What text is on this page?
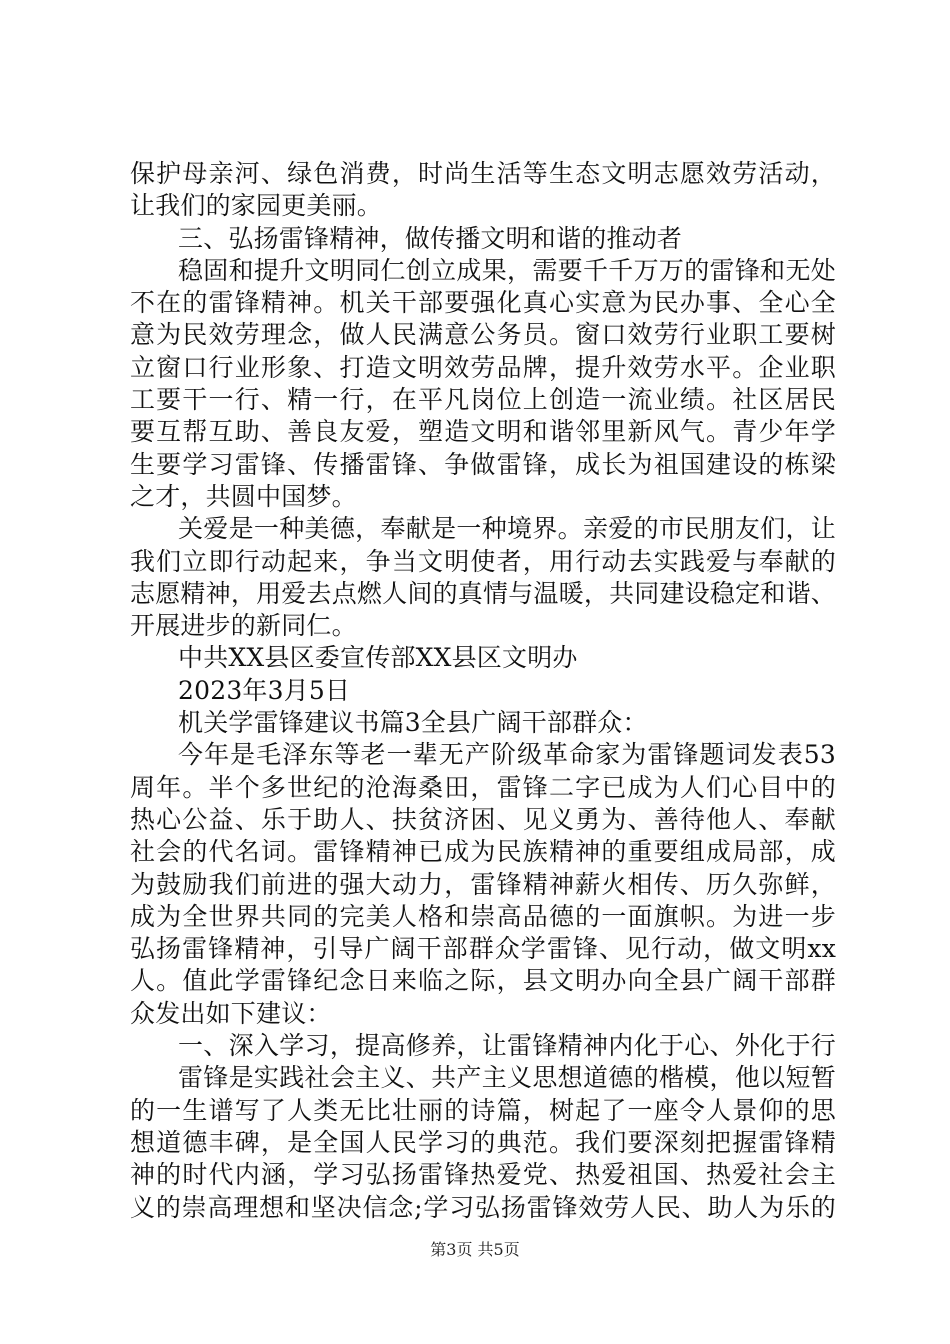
保护母亲河、绿色消费，时尚生活等生态文明志愿效劳活动，
让我们的家园更美丽。
三、弘扬雷锋精神，做传播文明和谐的推动者
稳固和提升文明同仁创立成果，需要千千万万的雷锋和无处
不在的雷锋精神。机关干部要强化真心实意为民办事、全心全
意为民效劳理念，做人民满意公务员。窗口效劳行业职工要树
立窗口行业形象、打造文明效劳品牌，提升效劳水平。企业职
工要干一行、精一行，在平凡岗位上创造一流业绩。社区居民
要互帮互助、善良友爱，塑造文明和谐邻里新风气。青少年学
生要学习雷锋、传播雷锋、争做雷锋，成长为祖国建设的栋梁
之才，共圆中国梦。
关爱是一种美德，奉献是一种境界。亲爱的市民朋友们，让
我们立即行动起来，争当文明使者，用行动去实践爱与奉献的
志愿精神，用爱去点燃人间的真情与温暖，共同建设稳定和谐、
开展进步的新同仁。
中共XX县区委宣传部XX县区文明办
2023年3月5日
机关学雷锋建议书篇3全县广阔干部群众：
今年是毛泽东等老一辈无产阶级革命家为雷锋题词发表53
周年。半个多世纪的沧海桑田，雷锋二字已成为人们心目中的
热心公益、乐于助人、扶贫济困、见义勇为、善待他人、奉献
社会的代名词。雷锋精神已成为民族精神的重要组成局部，成
为鼓励我们前进的强大动力，雷锋精神薪火相传、历久弥鲜，
成为全世界共同的完美人格和崇高品德的一面旗帜。为进一步
弘扬雷锋精神，引导广阔干部群众学雷锋、见行动，做文明xx
人。值此学雷锋纪念日来临之际，县文明办向全县广阔干部群
众发出如下建议：
一、深入学习，提高修养，让雷锋精神内化于心、外化于行
雷锋是实践社会主义、共产主义思想道德的楷模，他以短暂
的一生谱写了人类无比壮丽的诗篇，树起了一座令人景仰的思
想道德丰碑，是全国人民学习的典范。我们要深刻把握雷锋精
神的时代内涵，学习弘扬雷锋热爱党、热爱祖国、热爱社会主
义的崇高理想和坚决信念;学习弘扬雷锋效劳人民、助人为乐的
第3页 共5页
